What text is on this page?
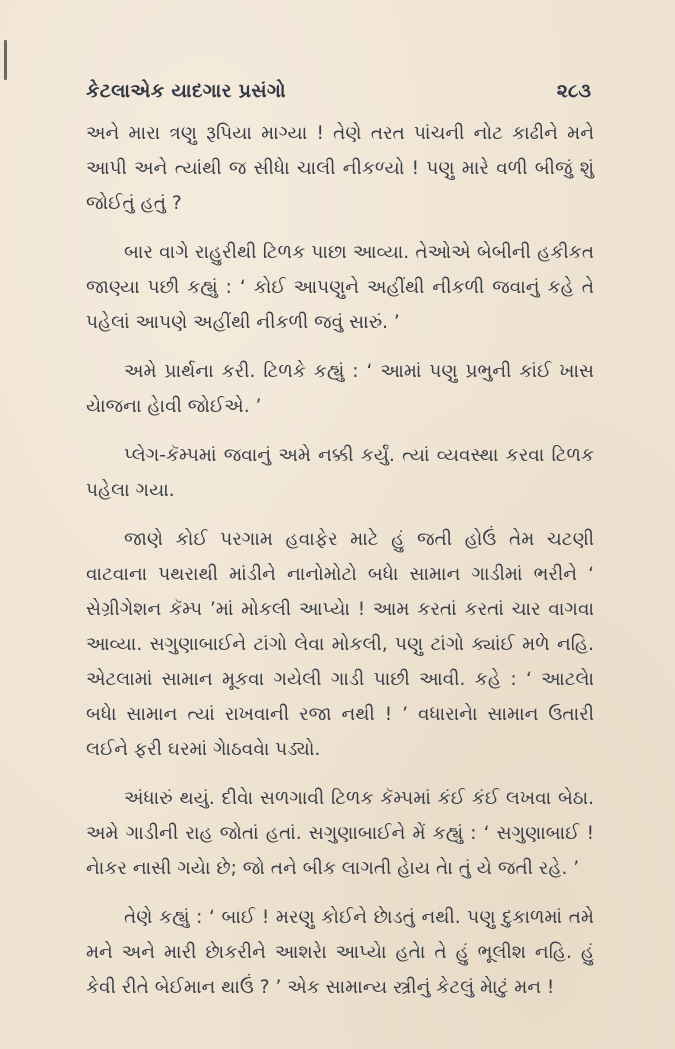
કેટલાએક યાદગાર પ્રસંગો	૨૮૩

અને મારા ત્રણુ રૂપિયા માગ્યા ! તેણે તરત પાંચની નોટ કાઢીને મને આપી અને ત્યાંથી જ સીધેા ચાલી નીકળ્યો ! પણુ મારે વળી બીજું શું જોઈતું હતું ?

બાર વાગે રાહુરીથી ટિળક પાછા આવ્યા. તેઓએ બેબીની હકીકત જાણ્યા પછી કહ્યું : ‘ કોઈ આપણુને અહીંથી નીકળી જવાનું કહે તે પહેલાં આપણે અહીંથી નીકળી જવું સારું. ’

અમે પ્રાર્થના કરી. ટિળકે કહ્યું : ‘ આમાં પણુ પ્રભુની કાંઈ ખાસ યેાજના હેાવી જોઈએ. ’

પ્લેગ-કૅમ્પમાં જવાનું અમે નક્કી કર્યું. ત્યાં વ્યવસ્થા કરવા ટિળક પહેલા ગયા.

જાણે કોઈ પરગામ હવાફેર માટે હું જતી હોઉં તેમ ચટણી વાટવાના પથરાથી માંડીને નાનોમોટો બધેા સામાન ગાડીમાં ભરીને ‘ સેગ્રીગેશન કૅમ્પ ’માં મોકલી આપ્યેા ! આમ કરતાં કરતાં ચાર વાગવા આવ્યા. સગુણાબાઈને ટાંગો લેવા મોકલી, પણુ ટાંગો ક્યાંઈ મળે નહિ. એટલામાં સામાન મૂકવા ગયેલી ગાડી પાછી આવી. કહે : ‘ આટલેા બધેા સામાન ત્યાં રાખવાની રજા નથી ! ’ વધારાનેા સામાન ઉતારી લઈને ફરી ઘરમાં ગેાઠવવેા પડ્યો.

અંધારું થયું. દીવેા સળગાવી ટિળક કૅમ્પમાં કંઈ કંઈ લખવા બેઠા. અમે ગાડીની રાહ જોતાં હતાં. સગુણાબાઈને મેં કહ્યું : ‘ સગુણાબાઈ ! નેાકર નાસી ગયેા છે; જો તને બીક લાગતી હેાય તેા તું યે જતી રહે. ’

તેણે કહ્યું : ‘ બાઈ ! મરણુ કોઈને છેાડતું નથી. પણુ દુકાળમાં તમે મને અને મારી છેાકરીને આશરેા આપ્યેા હતેા તે હું ભૂલીશ નહિ. હું કેવી રીતે બેઈમાન થાઉં ? ’ એક સામાન્ય સ્ત્રીનું કેટલું મેાટું મન !
